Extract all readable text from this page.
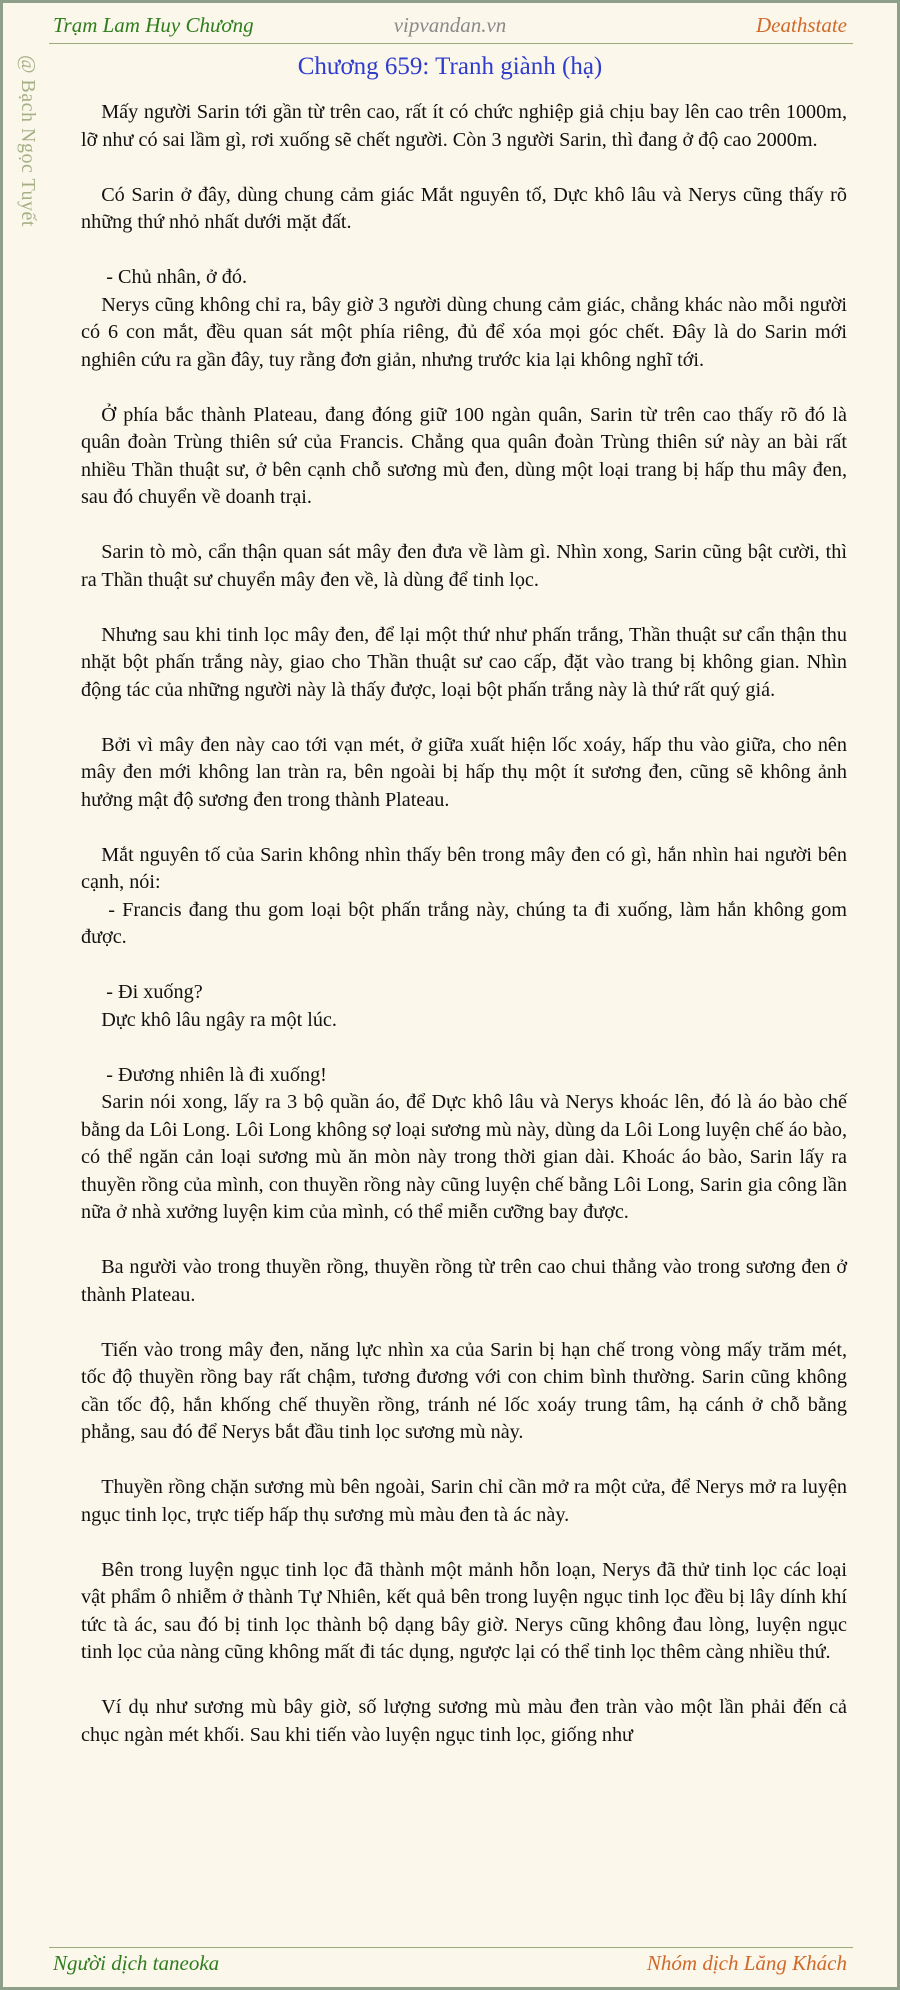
Trạm Lam Huy Chương	vipvandan.vn	Deathstate
@ Bạch Ngọc Tuyết	Chương 659: Tranh giành (hạ)

 Mấy người Sarin tới gần từ trên cao, rất ít có chức nghiệp giả chịu bay lên cao trên 1000m, lỡ như có sai lầm gì, rơi xuống sẽ chết người. Còn 3 người Sarin, thì đang ở độ cao 2000m.

 Có Sarin ở đây, dùng chung cảm giác Mắt nguyên tố, Dực khô lâu và Nerys cũng thấy rõ những thứ nhỏ nhất dưới mặt đất.

  - Chủ nhân, ở đó.

 Nerys cũng không chỉ ra, bây giờ 3 người dùng chung cảm giác, chẳng khác nào mỗi người có 6 con mắt, đều quan sát một phía riêng, đủ để xóa mọi góc chết. Đây là do Sarin mới nghiên cứu ra gần đây, tuy rằng đơn giản, nhưng trước kia lại không nghĩ tới.

 Ở phía bắc thành Plateau, đang đóng giữ 100 ngàn quân, Sarin từ trên cao thấy rõ đó là quân đoàn Trùng thiên sứ của Francis. Chẳng qua quân đoàn Trùng thiên sứ này an bài rất nhiều Thần thuật sư, ở bên cạnh chỗ sương mù đen, dùng một loại trang bị hấp thu mây đen, sau đó chuyển về doanh trại.

 Sarin tò mò, cẩn thận quan sát mây đen đưa về làm gì. Nhìn xong, Sarin cũng bật cười, thì ra Thần thuật sư chuyển mây đen về, là dùng để tinh lọc.

 Nhưng sau khi tinh lọc mây đen, để lại một thứ như phấn trắng, Thần thuật sư cẩn thận thu nhặt bột phấn trắng này, giao cho Thần thuật sư cao cấp, đặt vào trang bị không gian. Nhìn động tác của những người này là thấy được, loại bột phấn trắng này là thứ rất quý giá.

 Bởi vì mây đen này cao tới vạn mét, ở giữa xuất hiện lốc xoáy, hấp thu vào giữa, cho nên mây đen mới không lan tràn ra, bên ngoài bị hấp thụ một ít sương đen, cũng sẽ không ảnh hưởng mật độ sương đen trong thành Plateau.

 Mắt nguyên tố của Sarin không nhìn thấy bên trong mây đen có gì, hắn nhìn hai người bên cạnh, nói:

  - Francis đang thu gom loại bột phấn trắng này, chúng ta đi xuống, làm hắn không gom được.

  - Đi xuống?

 Dực khô lâu ngây ra một lúc.

  - Đương nhiên là đi xuống!

 Sarin nói xong, lấy ra 3 bộ quần áo, để Dực khô lâu và Nerys khoác lên, đó là áo bào chế bằng da Lôi Long. Lôi Long không sợ loại sương mù này, dùng da Lôi Long luyện chế áo bào, có thể ngăn cản loại sương mù ăn mòn này trong thời gian dài. Khoác áo bào, Sarin lấy ra thuyền rồng của mình, con thuyền rồng này cũng luyện chế bằng Lôi Long, Sarin gia công lần nữa ở nhà xưởng luyện kim của mình, có thể miễn cưỡng bay được.

 Ba người vào trong thuyền rồng, thuyền rồng từ trên cao chui thẳng vào trong sương đen ở thành Plateau.

 Tiến vào trong mây đen, năng lực nhìn xa của Sarin bị hạn chế trong vòng mấy trăm mét, tốc độ thuyền rồng bay rất chậm, tương đương với con chim bình thường. Sarin cũng không cần tốc độ, hắn khống chế thuyền rồng, tránh né lốc xoáy trung tâm, hạ cánh ở chỗ bằng phẳng, sau đó để Nerys bắt đầu tinh lọc sương mù này.

 Thuyền rồng chặn sương mù bên ngoài, Sarin chỉ cần mở ra một cửa, để Nerys mở ra luyện ngục tinh lọc, trực tiếp hấp thụ sương mù màu đen tà ác này.

 Bên trong luyện ngục tinh lọc đã thành một mảnh hỗn loạn, Nerys đã thử tinh lọc các loại vật phẩm ô nhiễm ở thành Tự Nhiên, kết quả bên trong luyện ngục tinh lọc đều bị lây dính khí tức tà ác, sau đó bị tinh lọc thành bộ dạng bây giờ. Nerys cũng không đau lòng, luyện ngục tinh lọc của nàng cũng không mất đi tác dụng, ngược lại có thể tinh lọc thêm càng nhiều thứ.

 Ví dụ như sương mù bây giờ, số lượng sương mù màu đen tràn vào một lần phải đến cả chục ngàn mét khối. Sau khi tiến vào luyện ngục tinh lọc, giống như

Người dịch taneoka	Nhóm dịch Lăng Khách
